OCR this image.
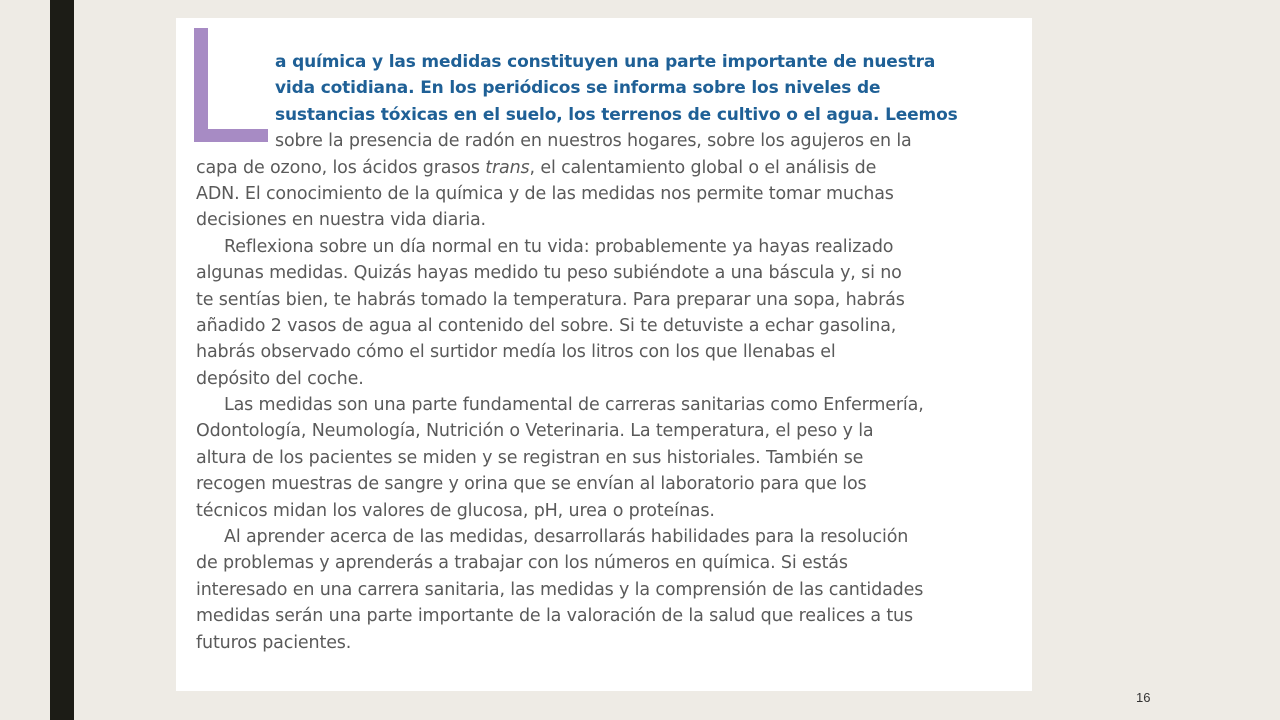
a química y las medidas constituyen una parte importante de nuestra
vida cotidiana. En los periódicos se informa sobre los niveles de
sustancias tóxicas en el suelo, los terrenos de cultivo o el agua. Leemos
sobre la presencia de radón en nuestros hogares, sobre los agujeros en la
capa de ozono, los ácidos grasos trans, el calentamiento global o el análisis de
ADN. El conocimiento de la química y de las medidas nos permite tomar muchas
decisiones en nuestra vida diaria.
Reflexiona sobre un día normal en tu vida: probablemente ya hayas realizado
algunas medidas. Quizás hayas medido tu peso subiéndote a una báscula y, si no
te sentías bien, te habrás tomado la temperatura. Para preparar una sopa, habrás
añadido 2 vasos de agua al contenido del sobre. Si te detuviste a echar gasolina,
habrás observado cómo el surtidor medía los litros con los que llenabas el
depósito del coche.
Las medidas son una parte fundamental de carreras sanitarias como Enfermería,
Odontología, Neumología, Nutrición o Veterinaria. La temperatura, el peso y la
altura de los pacientes se miden y se registran en sus historiales. También se
recogen muestras de sangre y orina que se envían al laboratorio para que los
técnicos midan los valores de glucosa, pH, urea o proteínas.
Al aprender acerca de las medidas, desarrollarás habilidades para la resolución
de problemas y aprenderás a trabajar con los números en química. Si estás
interesado en una carrera sanitaria, las medidas y la comprensión de las cantidades
medidas serán una parte importante de la valoración de la salud que realices a tus
futuros pacientes.
16
